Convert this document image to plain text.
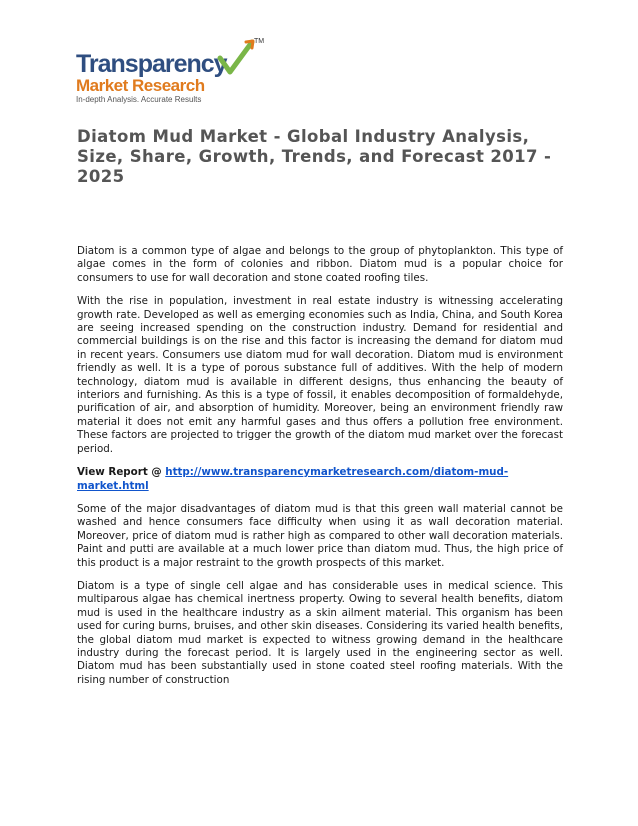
Transparency
TM
Market Research
In-depth Analysis. Accurate Results
Diatom Mud Market - Global Industry Analysis, Size, Share, Growth, Trends, and Forecast 2017 - 2025

Diatom is a common type of algae and belongs to the group of phytoplankton. This type of algae comes in the form of colonies and ribbon. Diatom mud is a popular choice for consumers to use for wall decoration and stone coated roofing tiles.

With the rise in population, investment in real estate industry is witnessing accelerating growth rate. Developed as well as emerging economies such as India, China, and South Korea are seeing increased spending on the construction industry. Demand for residential and commercial buildings is on the rise and this factor is increasing the demand for diatom mud in recent years. Consumers use diatom mud for wall decoration. Diatom mud is environment friendly as well. It is a type of porous substance full of additives. With the help of modern technology, diatom mud is available in different designs, thus enhancing the beauty of interiors and furnishing. As this is a type of fossil, it enables decomposition of formaldehyde, purification of air, and absorption of humidity. Moreover, being an environment friendly raw material it does not emit any harmful gases and thus offers a pollution free environment. These factors are projected to trigger the growth of the diatom mud market over the forecast period.

View Report @ http://www.transparencymarketresearch.com/diatom-mud-market.html

Some of the major disadvantages of diatom mud is that this green wall material cannot be washed and hence consumers face difficulty when using it as wall decoration material. Moreover, price of diatom mud is rather high as compared to other wall decoration materials. Paint and putti are available at a much lower price than diatom mud. Thus, the high price of this product is a major restraint to the growth prospects of this market.

Diatom is a type of single cell algae and has considerable uses in medical science. This multiparous algae has chemical inertness property. Owing to several health benefits, diatom mud is used in the healthcare industry as a skin ailment material. This organism has been used for curing burns, bruises, and other skin diseases. Considering its varied health benefits, the global diatom mud market is expected to witness growing demand in the healthcare industry during the forecast period. It is largely used in the engineering sector as well. Diatom mud has been substantially used in stone coated steel roofing materials. With the rising number of construction
